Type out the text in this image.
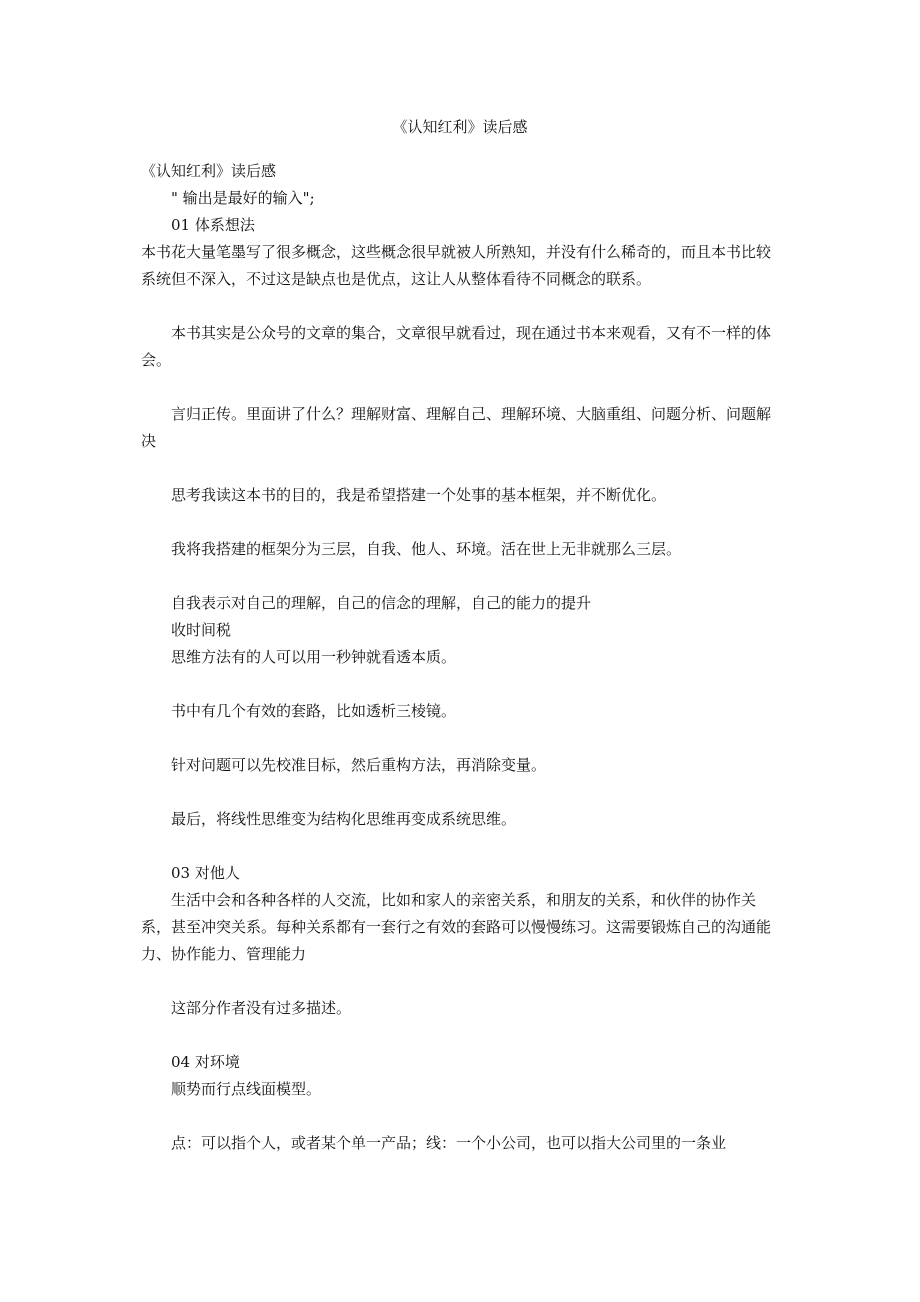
《认知红利》读后感

《认知红利》读后感

" 输出是最好的输入";

01 体系想法

本书花大量笔墨写了很多概念，这些概念很早就被人所熟知，并没有什么稀奇的，而且本书比较系统但不深入，不过这是缺点也是优点，这让人从整体看待不同概念的联系。

本书其实是公众号的文章的集合，文章很早就看过，现在通过书本来观看，又有不一样的体会。

言归正传。里面讲了什么？理解财富、理解自己、理解环境、大脑重组、问题分析、问题解决

思考我读这本书的目的，我是希望搭建一个处事的基本框架，并不断优化。

我将我搭建的框架分为三层，自我、他人、环境。活在世上无非就那么三层。

自我表示对自己的理解，自己的信念的理解，自己的能力的提升

收时间税

思维方法有的人可以用一秒钟就看透本质。

书中有几个有效的套路，比如透析三棱镜。

针对问题可以先校准目标，然后重构方法，再消除变量。

最后，将线性思维变为结构化思维再变成系统思维。

03 对他人

生活中会和各种各样的人交流，比如和家人的亲密关系，和朋友的关系，和伙伴的协作关系，甚至冲突关系。每种关系都有一套行之有效的套路可以慢慢练习。这需要锻炼自己的沟通能力、协作能力、管理能力

这部分作者没有过多描述。

04 对环境

顺势而行点线面模型。

点：可以指个人，或者某个单一产品；线：一个小公司，也可以指大公司里的一条业
